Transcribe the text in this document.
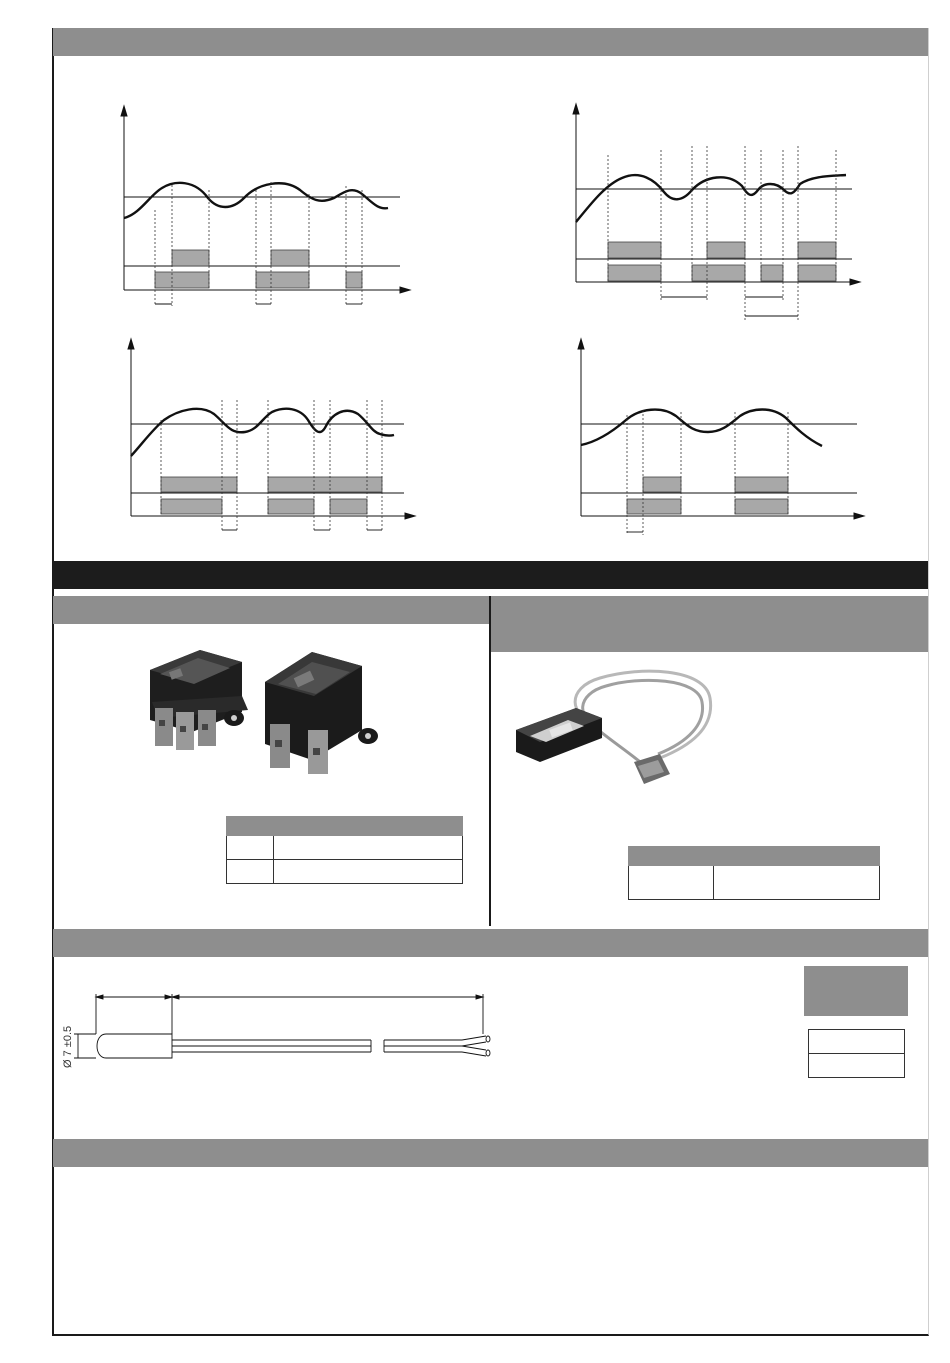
Ø 7 ±0.5
